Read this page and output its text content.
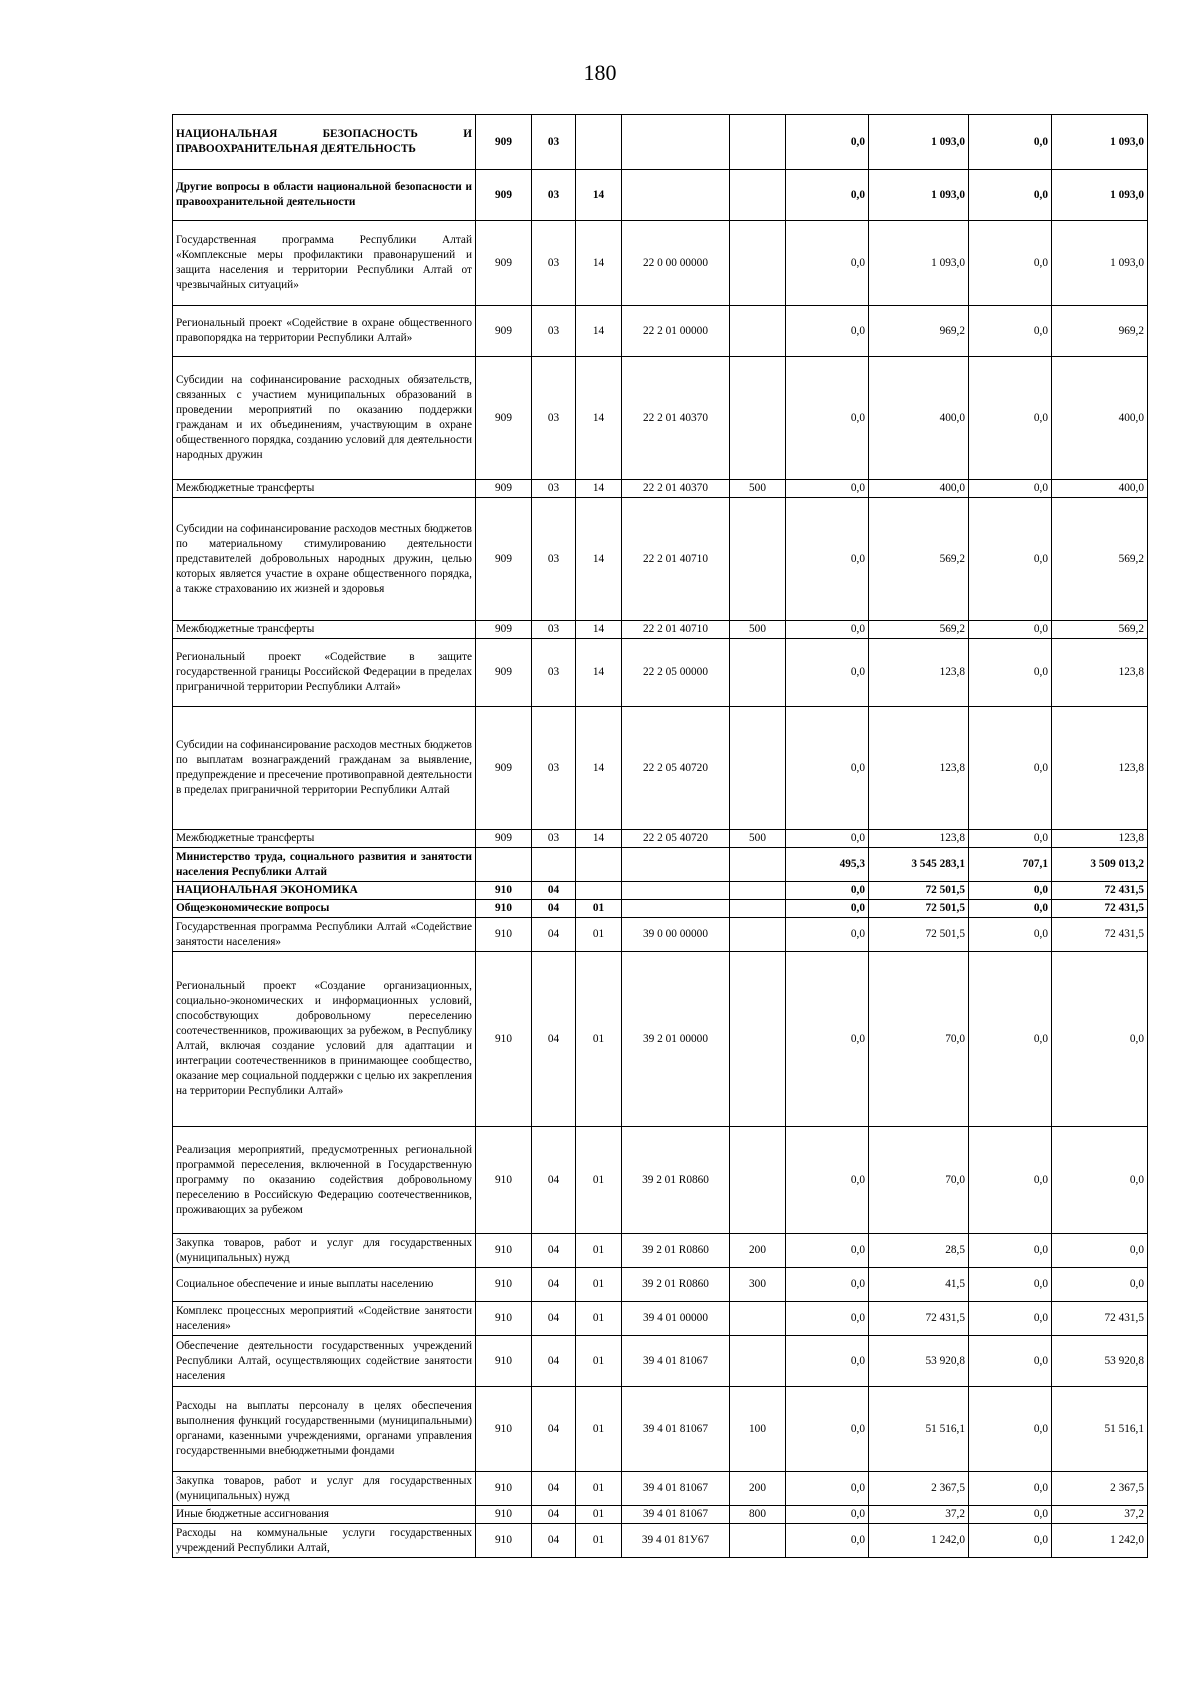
180
НАЦИОНАЛЬНАЯ БЕЗОПАСНОСТЬ И ПРАВООХРАНИТЕЛЬНАЯ ДЕЯТЕЛЬНОСТЬ	909	03				0,0	1 093,0	0,0	1 093,0
Другие вопросы в области национальной безопасности и правоохранительной деятельности	909	03	14			0,0	1 093,0	0,0	1 093,0
Государственная программа Республики Алтай «Комплексные меры профилактики правонарушений и защита населения и территории Республики Алтай от чрезвычайных ситуаций»	909	03	14	22 0 00 00000		0,0	1 093,0	0,0	1 093,0
Региональный проект «Содействие в охране общественного правопорядка на территории Республики Алтай»	909	03	14	22 2 01 00000		0,0	969,2	0,0	969,2
Субсидии на софинансирование расходных обязательств, связанных с участием муниципальных образований в проведении мероприятий по оказанию поддержки гражданам и их объединениям, участвующим в охране общественного порядка, созданию условий для деятельности народных дружин	909	03	14	22 2 01 40370		0,0	400,0	0,0	400,0
Межбюджетные трансферты	909	03	14	22 2 01 40370	500	0,0	400,0	0,0	400,0
Субсидии на софинансирование расходов местных бюджетов по материальному стимулированию деятельности представителей добровольных народных дружин, целью которых является участие в охране общественного порядка, а также страхованию их жизней и здоровья	909	03	14	22 2 01 40710		0,0	569,2	0,0	569,2
Межбюджетные трансферты	909	03	14	22 2 01 40710	500	0,0	569,2	0,0	569,2
Региональный проект «Содействие в защите государственной границы Российской Федерации в пределах приграничной территории Республики Алтай»	909	03	14	22 2 05 00000		0,0	123,8	0,0	123,8
Субсидии на софинансирование расходов местных бюджетов по выплатам вознаграждений гражданам за выявление, предупреждение и пресечение противоправной деятельности в пределах приграничной территории Республики Алтай	909	03	14	22 2 05 40720		0,0	123,8	0,0	123,8
Межбюджетные трансферты	909	03	14	22 2 05 40720	500	0,0	123,8	0,0	123,8
Министерство труда, социального развития и занятости населения Республики Алтай						495,3	3 545 283,1	707,1	3 509 013,2
НАЦИОНАЛЬНАЯ ЭКОНОМИКА	910	04				0,0	72 501,5	0,0	72 431,5
Общеэкономические вопросы	910	04	01			0,0	72 501,5	0,0	72 431,5
Государственная программа Республики Алтай «Содействие занятости населения»	910	04	01	39 0 00 00000		0,0	72 501,5	0,0	72 431,5
Региональный проект «Создание организационных, социально-экономических и информационных условий, способствующих добровольному переселению соотечественников, проживающих за рубежом, в Республику Алтай, включая создание условий для адаптации и интеграции соотечественников в принимающее сообщество, оказание мер социальной поддержки с целью их закрепления на территории Республики Алтай»	910	04	01	39 2 01 00000		0,0	70,0	0,0	0,0
Реализация мероприятий, предусмотренных региональной программой переселения, включенной в Государственную программу по оказанию содействия добровольному переселению в Российскую Федерацию соотечественников, проживающих за рубежом	910	04	01	39 2 01 R0860		0,0	70,0	0,0	0,0
Закупка товаров, работ и услуг для государственных (муниципальных) нужд	910	04	01	39 2 01 R0860	200	0,0	28,5	0,0	0,0
Социальное обеспечение и иные выплаты населению	910	04	01	39 2 01 R0860	300	0,0	41,5	0,0	0,0
Комплекс процессных мероприятий «Содействие занятости населения»	910	04	01	39 4 01 00000		0,0	72 431,5	0,0	72 431,5
Обеспечение деятельности государственных учреждений Республики Алтай, осуществляющих содействие занятости населения	910	04	01	39 4 01 81067		0,0	53 920,8	0,0	53 920,8
Расходы на выплаты персоналу в целях обеспечения выполнения функций государственными (муниципальными) органами, казенными учреждениями, органами управления государственными внебюджетными фондами	910	04	01	39 4 01 81067	100	0,0	51 516,1	0,0	51 516,1
Закупка товаров, работ и услуг для государственных (муниципальных) нужд	910	04	01	39 4 01 81067	200	0,0	2 367,5	0,0	2 367,5
Иные бюджетные ассигнования	910	04	01	39 4 01 81067	800	0,0	37,2	0,0	37,2
Расходы на коммунальные услуги государственных учреждений Республики Алтай,	910	04	01	39 4 01 81У67		0,0	1 242,0	0,0	1 242,0
